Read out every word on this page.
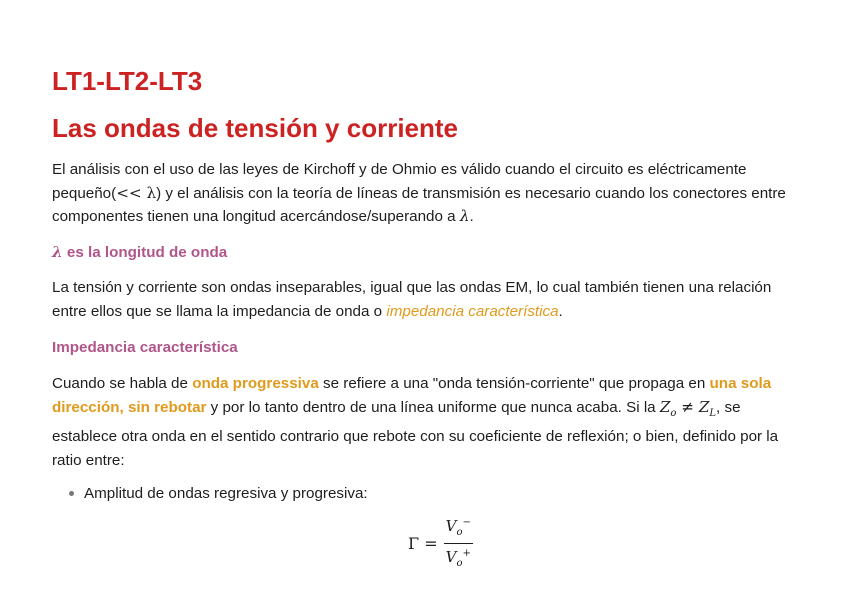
LT1-LT2-LT3
Las ondas de tensión y corriente

El análisis con el uso de las leyes de Kirchoff y de Ohmio es válido cuando el circuito es eléctricamente pequeño(<< λ) y el análisis con la teoría de líneas de transmisión es necesario cuando los conectores entre componentes tienen una longitud acercándose/superando a λ.

λ es la longitud de onda

La tensión y corriente son ondas inseparables, igual que las ondas EM, lo cual también tienen una relación entre ellos que se llama la impedancia de onda o impedancia característica.

Impedancia característica

Cuando se habla de onda progressiva se refiere a una "onda tensión-corriente" que propaga en una sola dirección, sin rebotar y por lo tanto dentro de una línea uniforme que nunca acaba. Si la $Z_o \ne Z_L$, se establece otra onda en el sentido contrario que rebote con su coeficiente de reflexión; o bien, definido por la ratio entre:

Amplitud de ondas regresiva y progresiva:
$\Gamma = \frac{V_o^-}{V_o^+}$
